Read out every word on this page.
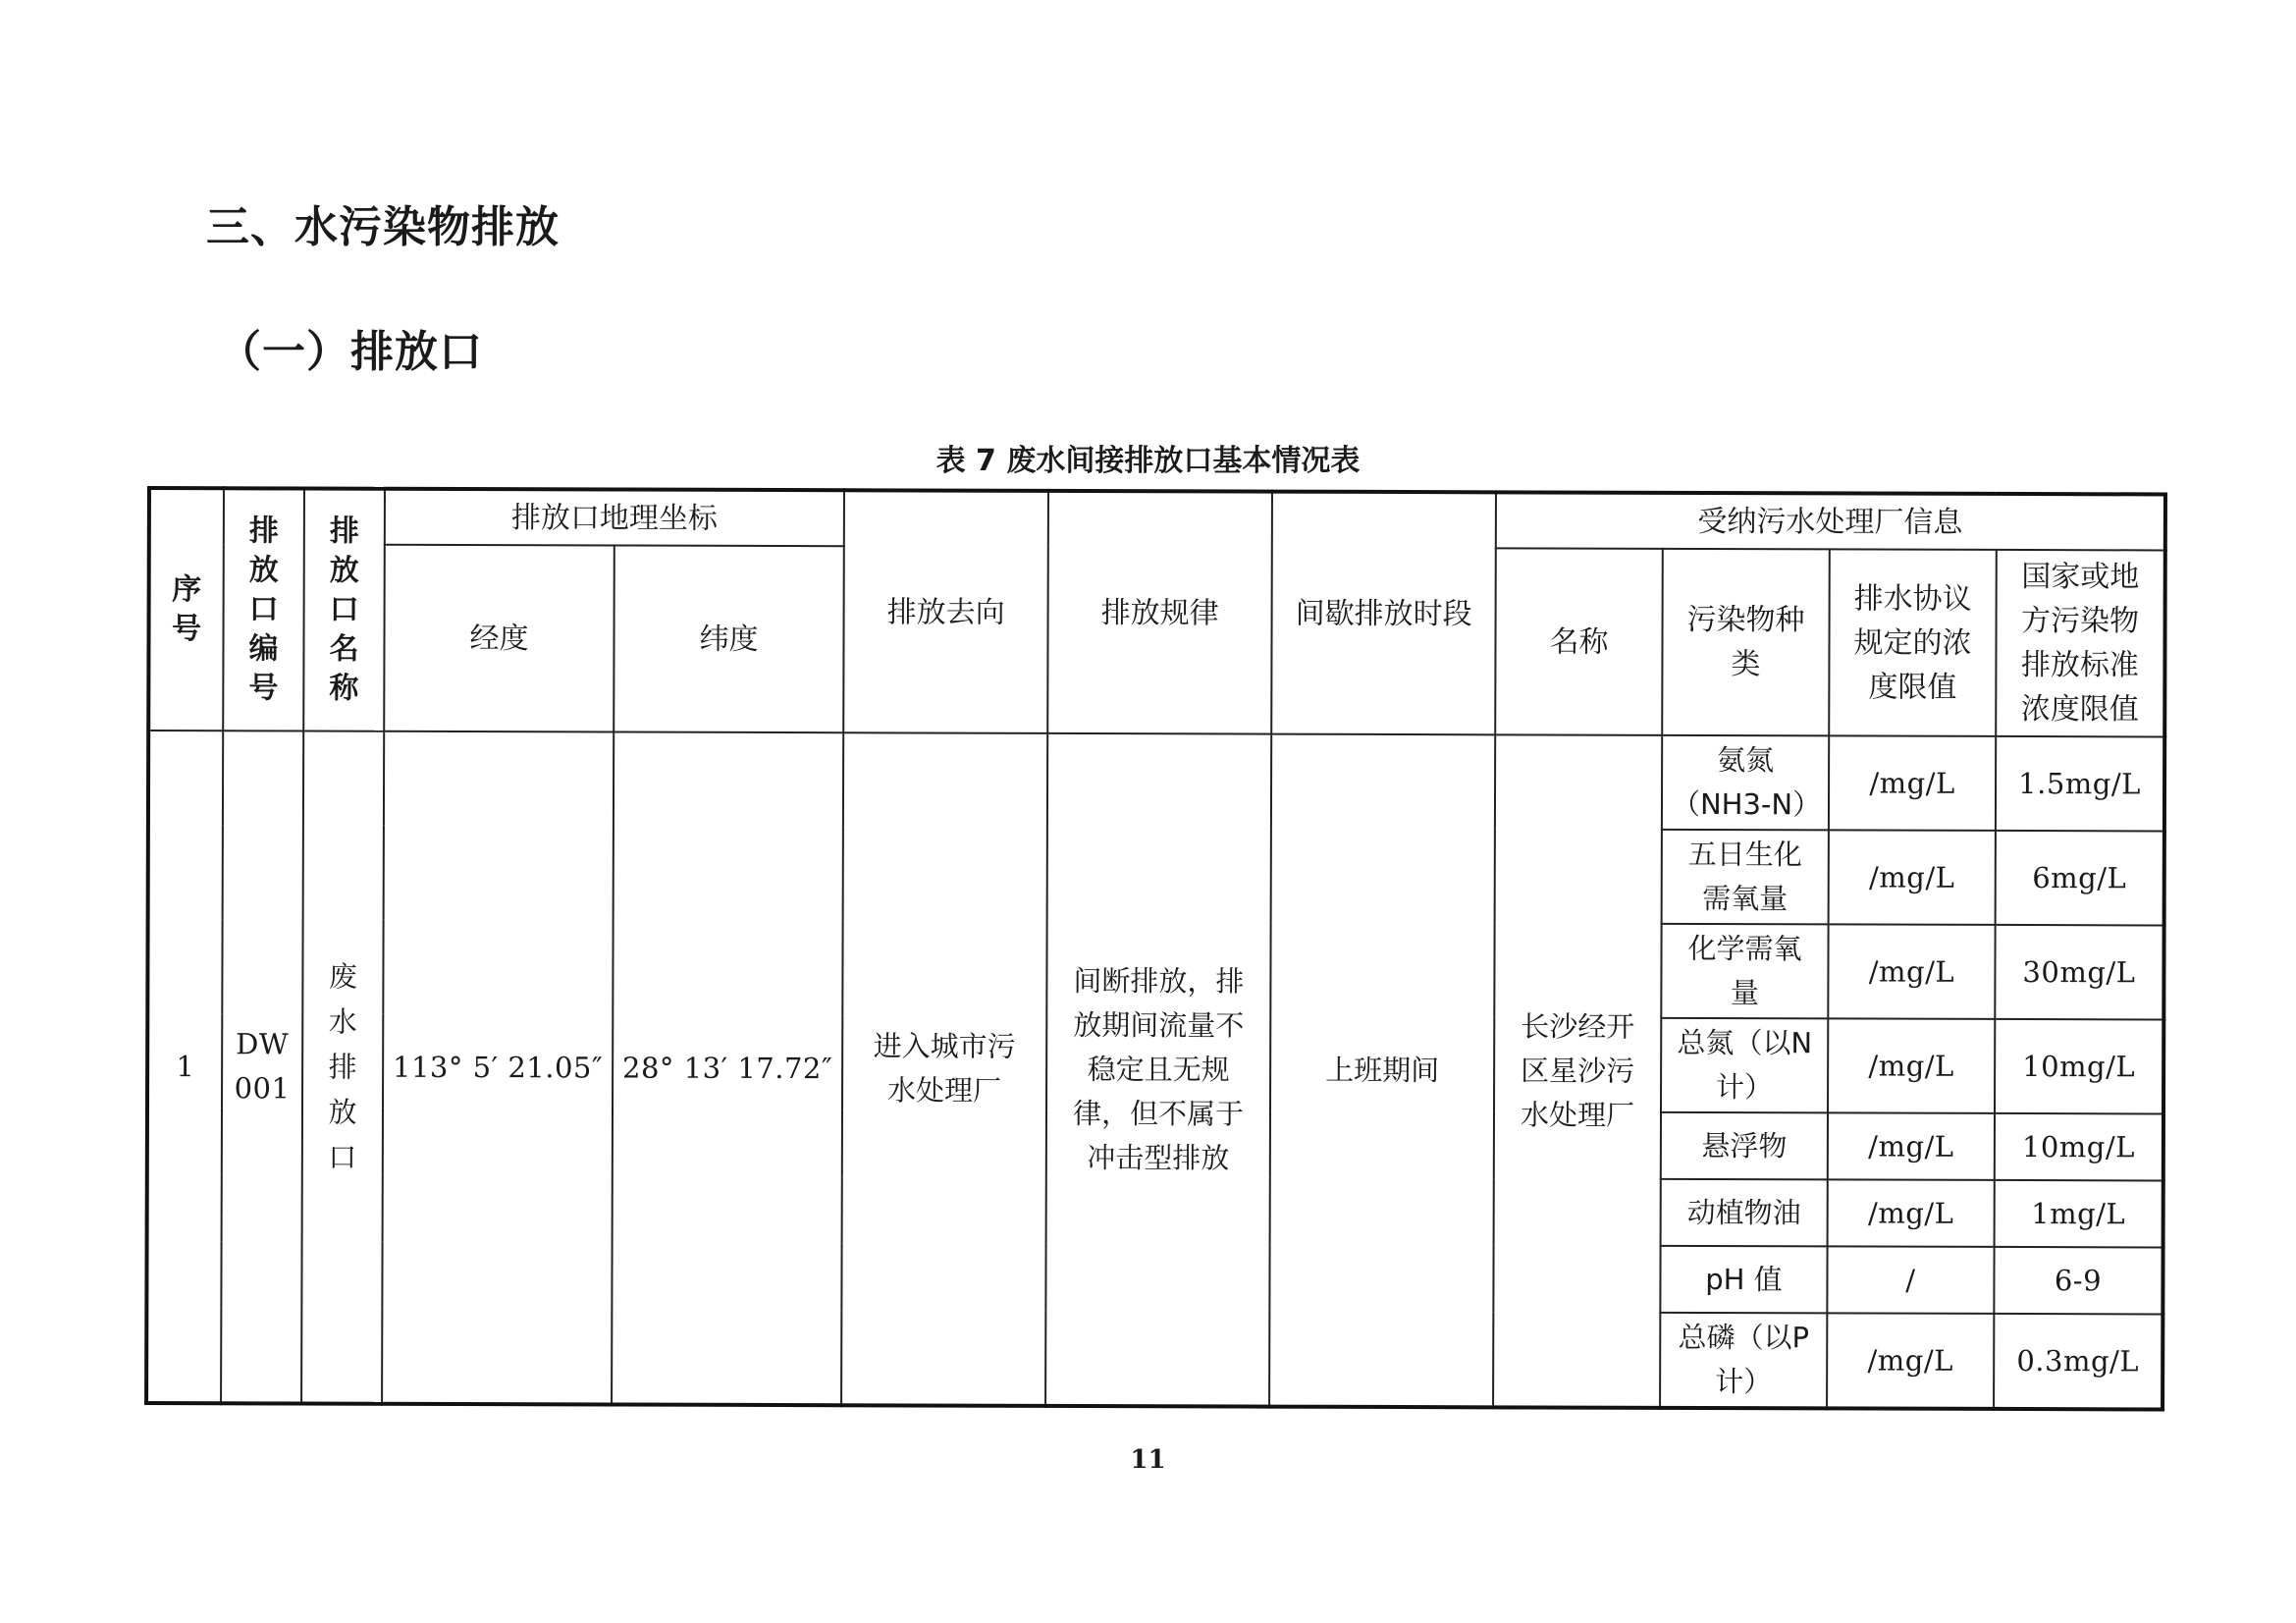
三、水污染物排放
（一）排放口
表 7 废水间接排放口基本情况表
序号	排放口编号	排放口名称	排放口地理坐标		排放去向	排放规律	间歇排放时段	受纳污水处理厂信息			
			经度	纬度				名称	污染物种类	排水协议规定的浓度限值	国家或地方污染物排放标准浓度限值

1	DW001	废水排放口	113° 5′ 21.05″	28° 13′ 17.72″	进入城市污水处理厂	间断排放，排放期间流量不稳定且无规律，但不属于冲击型排放	上班期间	长沙经开区星沙污水处理厂	氨氮（NH3-N）	/mg/L	1.5mg/L

									五日生化需氧量	/mg/L	6mg/L

									化学需氧量	/mg/L	30mg/L

									总氮（以N计）	/mg/L	10mg/L
									悬浮物	/mg/L	10mg/L
									动植物油	/mg/L	1mg/L
									pH 值	/	6-9

									总磷（以P计）	/mg/L	0.3mg/L
11
